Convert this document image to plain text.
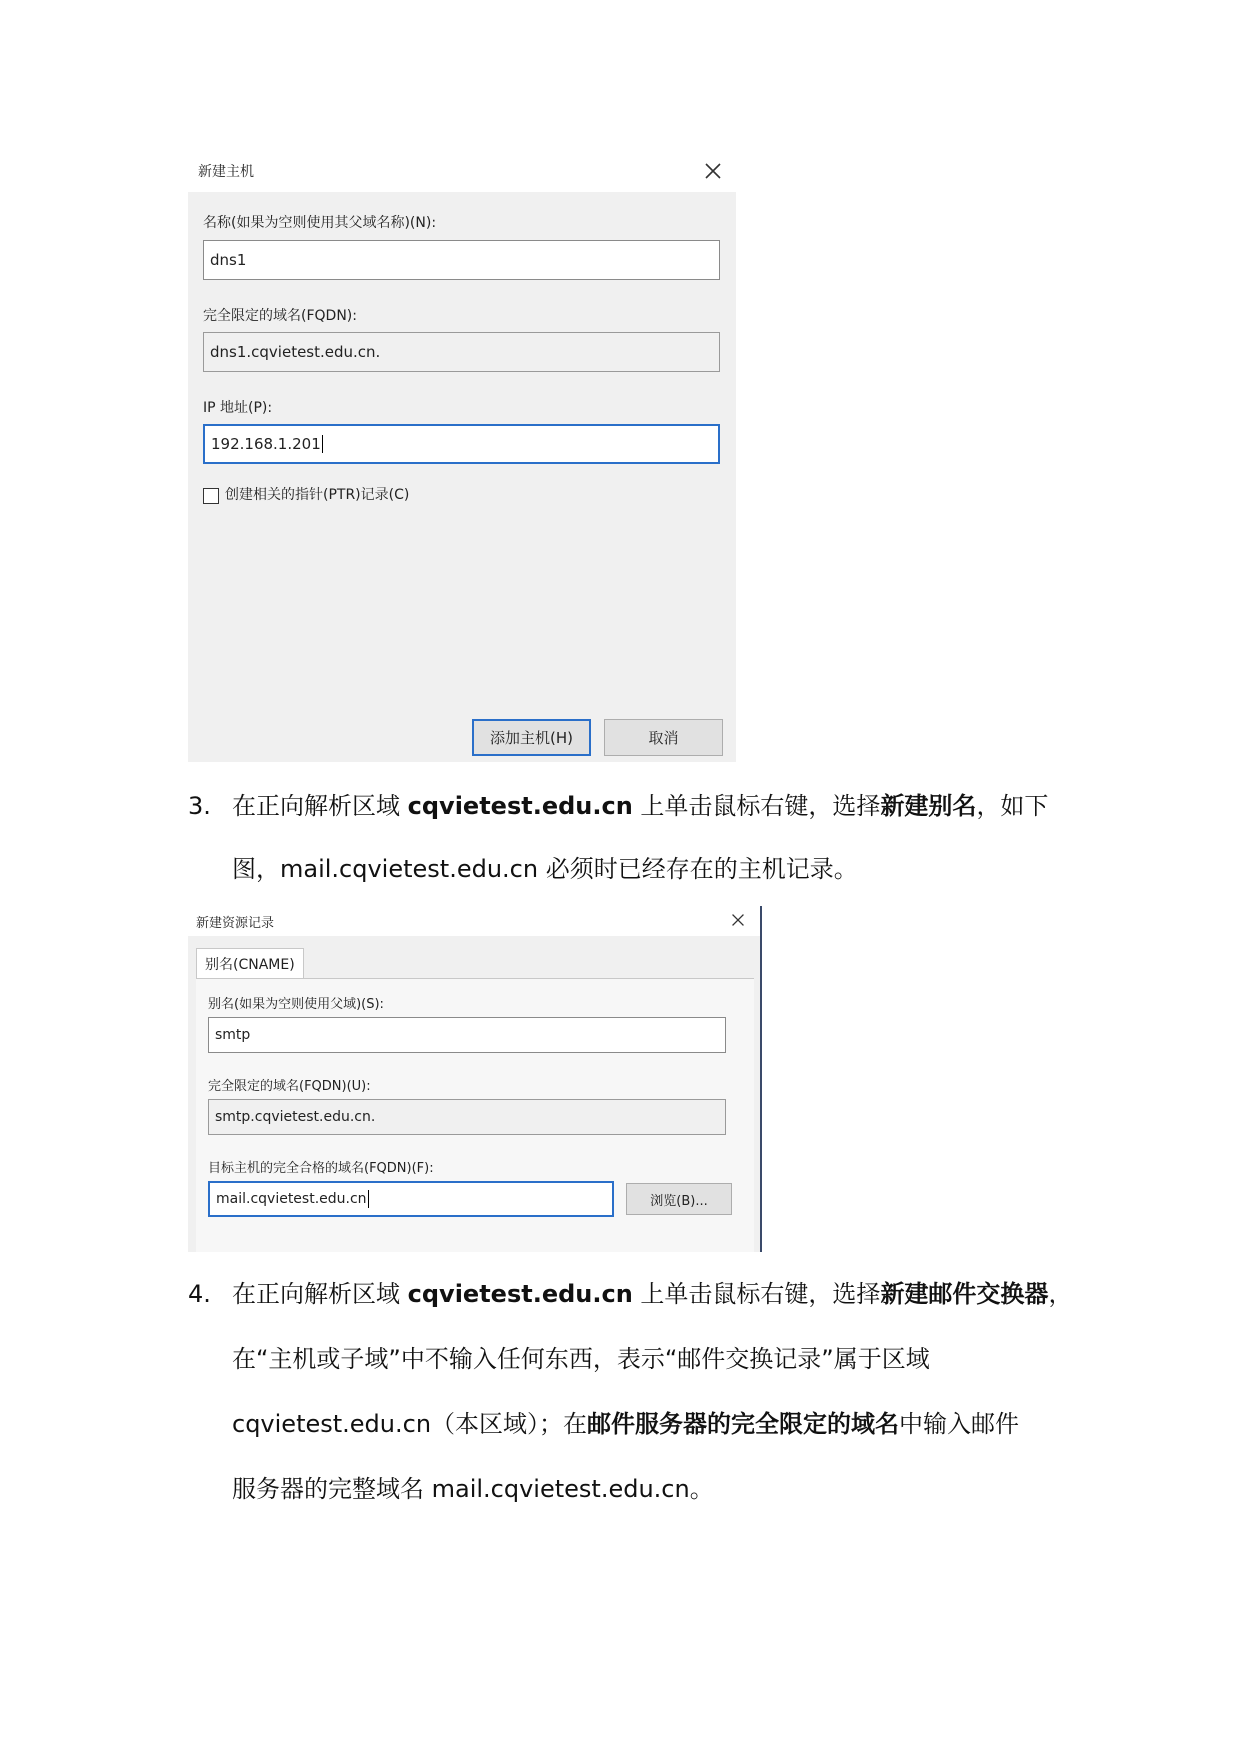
新建主机
名称(如果为空则使用其父域名称)(N):
dns1
完全限定的域名(FQDN):
dns1.cqvietest.edu.cn.
IP 地址(P):
192.168.1.201
创建相关的指针(PTR)记录(C)
添加主机(H)	取消
3. 在正向解析区域 cqvietest.edu.cn 上单击鼠标右键，选择新建别名，如下
图，mail.cqvietest.edu.cn 必须时已经存在的主机记录。
新建资源记录
别名(CNAME)
别名(如果为空则使用父域)(S):
smtp
完全限定的域名(FQDN)(U):
smtp.cqvietest.edu.cn.
目标主机的完全合格的域名(FQDN)(F):
mail.cqvietest.edu.cn	浏览(B)...
4. 在正向解析区域 cqvietest.edu.cn 上单击鼠标右键，选择新建邮件交换器，
在“主机或子域”中不输入任何东西，表示“邮件交换记录”属于区域
cqvietest.edu.cn（本区域）；在邮件服务器的完全限定的域名中输入邮件
服务器的完整域名 mail.cqvietest.edu.cn。
